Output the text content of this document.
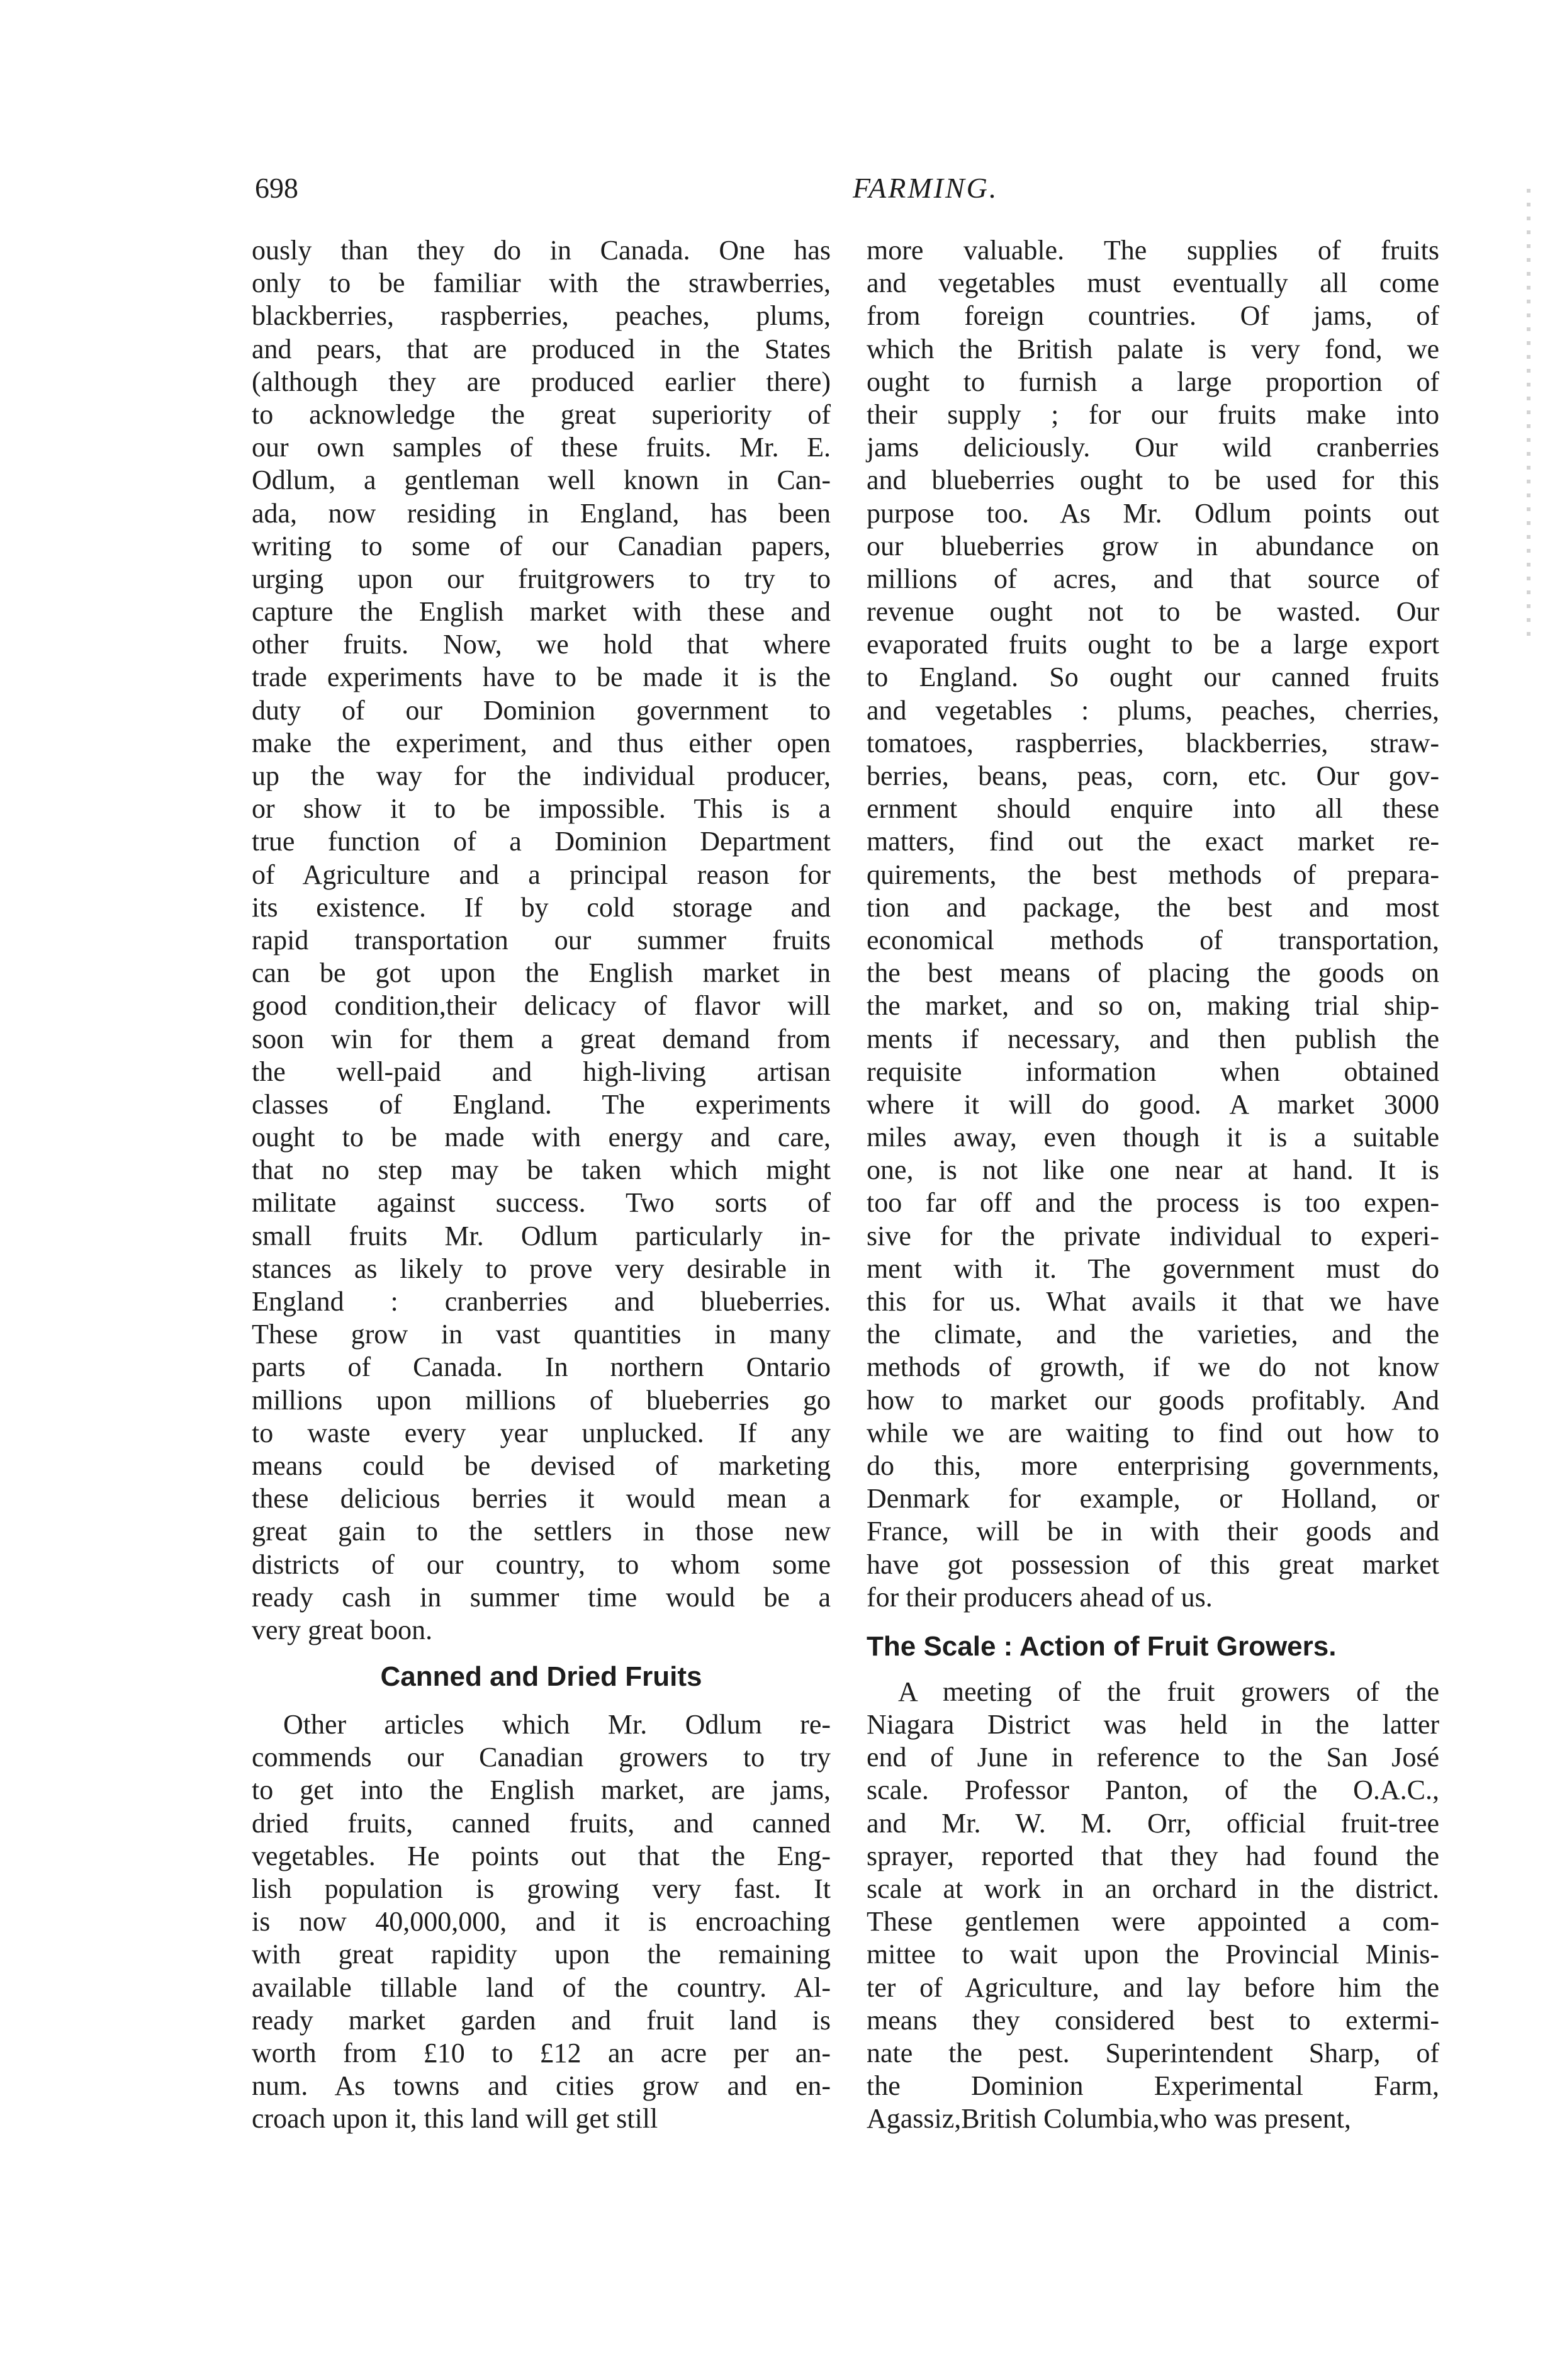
698	FARMING.
ously than they do in Canada. One has
only to be familiar with the strawberries,
blackberries, raspberries, peaches, plums,
and pears, that are produced in the States
(although they are produced earlier there)
to acknowledge the great superiority of
our own samples of these fruits. Mr. E.
Odlum, a gentleman well known in Can-
ada, now residing in England, has been
writing to some of our Canadian papers,
urging upon our fruitgrowers to try to
capture the English market with these and
other fruits. Now, we hold that where
trade experiments have to be made it is the
duty of our Dominion government to
make the experiment, and thus either open
up the way for the individual producer,
or show it to be impossible. This is a
true function of a Dominion Department
of Agriculture and a principal reason for
its existence. If by cold storage and
rapid transportation our summer fruits
can be got upon the English market in
good condition,their delicacy of flavor will
soon win for them a great demand from
the well-paid and high-living artisan
classes of England. The experiments
ought to be made with energy and care,
that no step may be taken which might
militate against success. Two sorts of
small fruits Mr. Odlum particularly in-
stances as likely to prove very desirable in
England : cranberries and blueberries.
These grow in vast quantities in many
parts of Canada. In northern Ontario
millions upon millions of blueberries go
to waste every year unplucked. If any
means could be devised of marketing
these delicious berries it would mean a
great gain to the settlers in those new
districts of our country, to whom some
ready cash in summer time would be a
very great boon.
Canned and Dried Fruits
Other articles which Mr. Odlum re-
commends our Canadian growers to try
to get into the English market, are jams,
dried fruits, canned fruits, and canned
vegetables. He points out that the Eng-
lish population is growing very fast. It
is now 40,000,000, and it is encroaching
with great rapidity upon the remaining
available tillable land of the country. Al-
ready market garden and fruit land is
worth from £10 to £12 an acre per an-
num. As towns and cities grow and en-
croach upon it, this land will get still
more valuable. The supplies of fruits
and vegetables must eventually all come
from foreign countries. Of jams, of
which the British palate is very fond, we
ought to furnish a large proportion of
their supply ; for our fruits make into
jams deliciously. Our wild cranberries
and blueberries ought to be used for this
purpose too. As Mr. Odlum points out
our blueberries grow in abundance on
millions of acres, and that source of
revenue ought not to be wasted. Our
evaporated fruits ought to be a large export
to England. So ought our canned fruits
and vegetables : plums, peaches, cherries,
tomatoes, raspberries, blackberries, straw-
berries, beans, peas, corn, etc. Our gov-
ernment should enquire into all these
matters, find out the exact market re-
quirements, the best methods of prepara-
tion and package, the best and most
economical methods of transportation,
the best means of placing the goods on
the market, and so on, making trial ship-
ments if necessary, and then publish the
requisite information when obtained
where it will do good. A market 3000
miles away, even though it is a suitable
one, is not like one near at hand. It is
too far off and the process is too expen-
sive for the private individual to experi-
ment with it. The government must do
this for us. What avails it that we have
the climate, and the varieties, and the
methods of growth, if we do not know
how to market our goods profitably. And
while we are waiting to find out how to
do this, more enterprising governments,
Denmark for example, or Holland, or
France, will be in with their goods and
have got possession of this great market
for their producers ahead of us.
The Scale : Action of Fruit Growers.
A meeting of the fruit growers of the
Niagara District was held in the latter
end of June in reference to the San José
scale. Professor Panton, of the O.A.C.,
and Mr. W. M. Orr, official fruit-tree
sprayer, reported that they had found the
scale at work in an orchard in the district.
These gentlemen were appointed a com-
mittee to wait upon the Provincial Minis-
ter of Agriculture, and lay before him the
means they considered best to extermi-
nate the pest. Superintendent Sharp, of
the Dominion Experimental Farm,
Agassiz,British Columbia,who was present,
